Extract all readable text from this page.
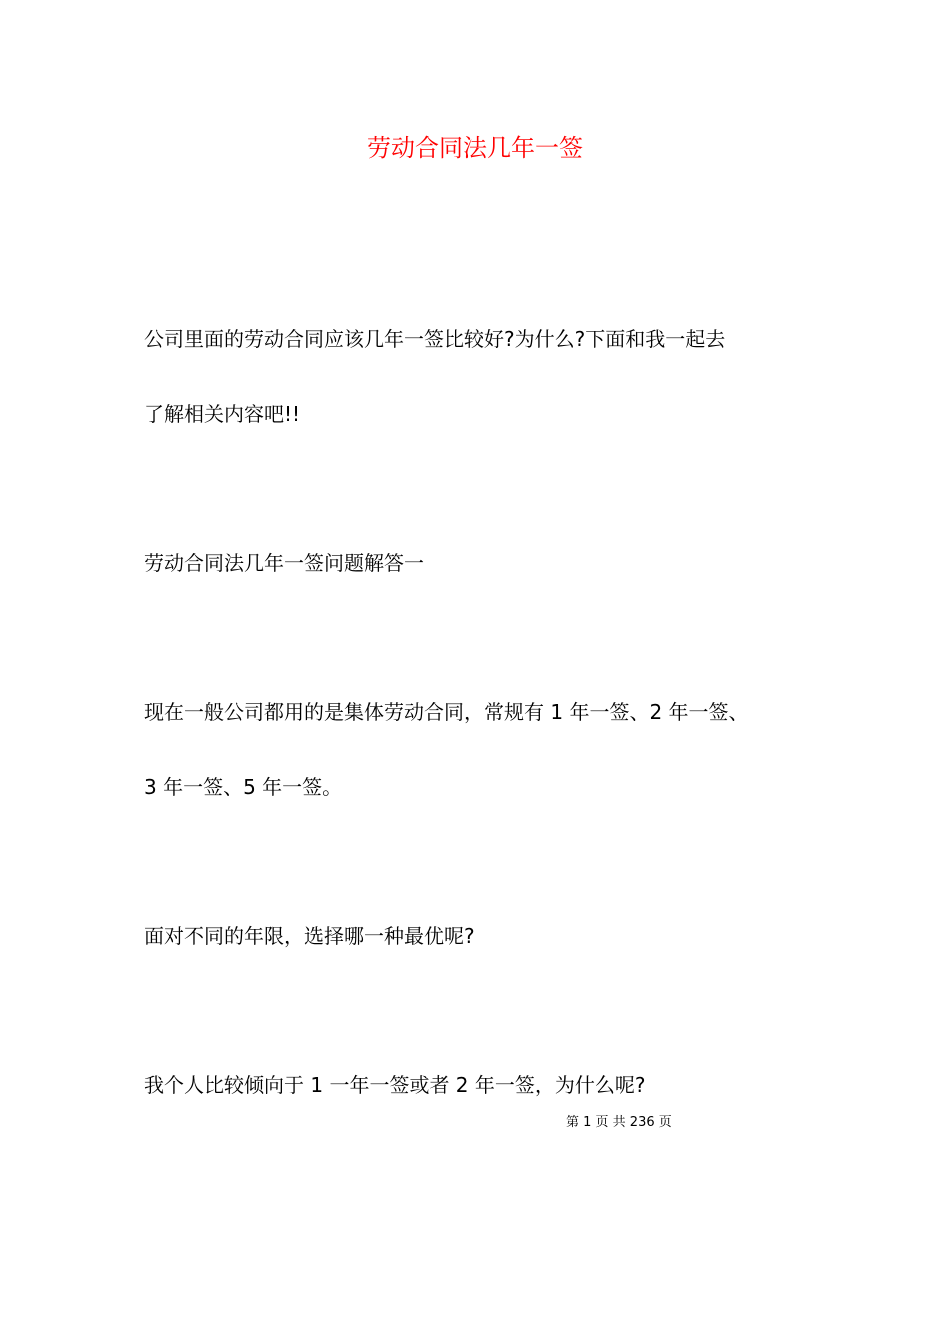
劳动合同法几年一签
公司里面的劳动合同应该几年一签比较好?为什么?下面和我一起去
了解相关内容吧!!
劳动合同法几年一签问题解答一
现在一般公司都用的是集体劳动合同，常规有 1 年一签、2 年一签、
3 年一签、5 年一签。
面对不同的年限，选择哪一种最优呢?
我个人比较倾向于 1 一年一签或者 2 年一签，为什么呢?
第 1 页 共 236 页
